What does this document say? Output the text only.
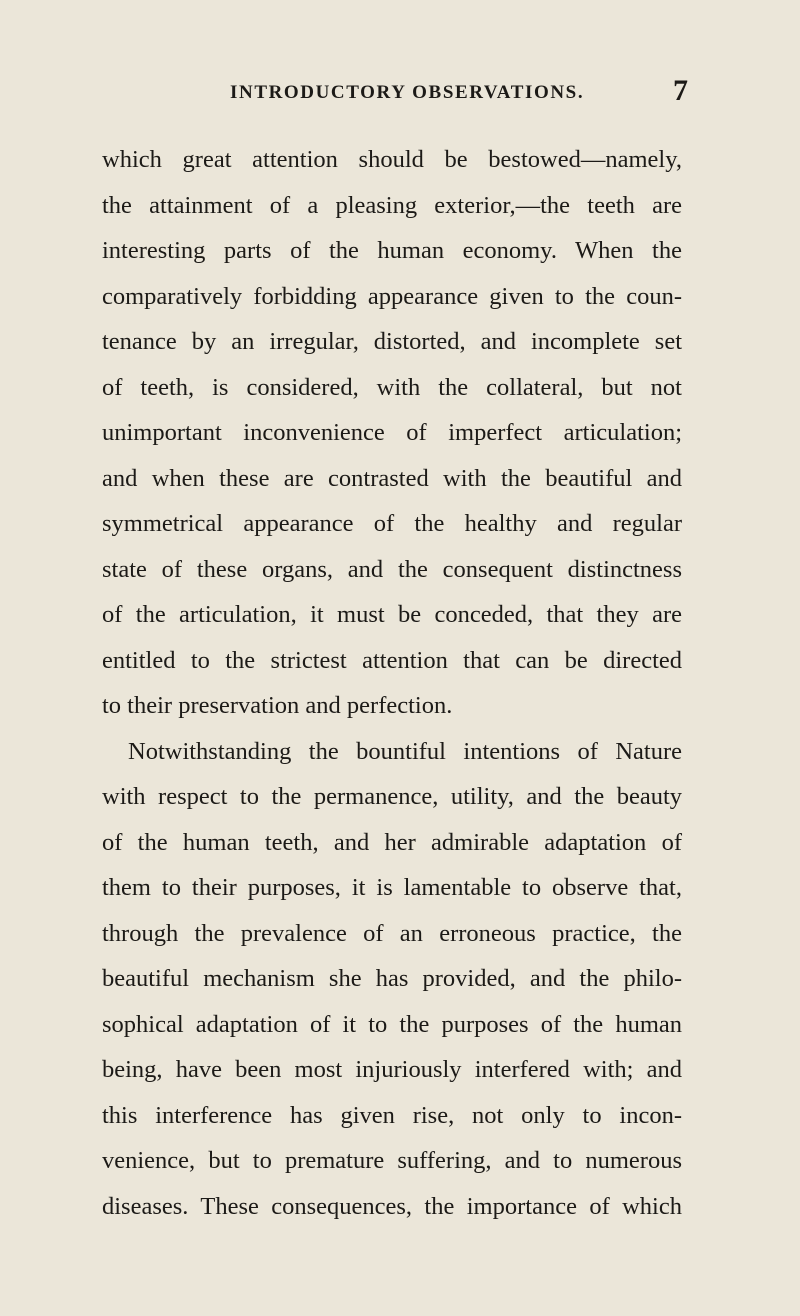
INTRODUCTORY OBSERVATIONS.	7
which great attention should be bestowed—namely,
the attainment of a pleasing exterior,—the teeth are
interesting parts of the human economy. When the
comparatively forbidding appearance given to the coun-
tenance by an irregular, distorted, and incomplete set
of teeth, is considered, with the collateral, but not
unimportant inconvenience of imperfect articulation;
and when these are contrasted with the beautiful and
symmetrical appearance of the healthy and regular
state of these organs, and the consequent distinctness
of the articulation, it must be conceded, that they are
entitled to the strictest attention that can be directed
to their preservation and perfection.
Notwithstanding the bountiful intentions of Nature
with respect to the permanence, utility, and the beauty
of the human teeth, and her admirable adaptation of
them to their purposes, it is lamentable to observe that,
through the prevalence of an erroneous practice, the
beautiful mechanism she has provided, and the philo-
sophical adaptation of it to the purposes of the human
being, have been most injuriously interfered with; and
this interference has given rise, not only to incon-
venience, but to premature suffering, and to numerous
diseases. These consequences, the importance of which
